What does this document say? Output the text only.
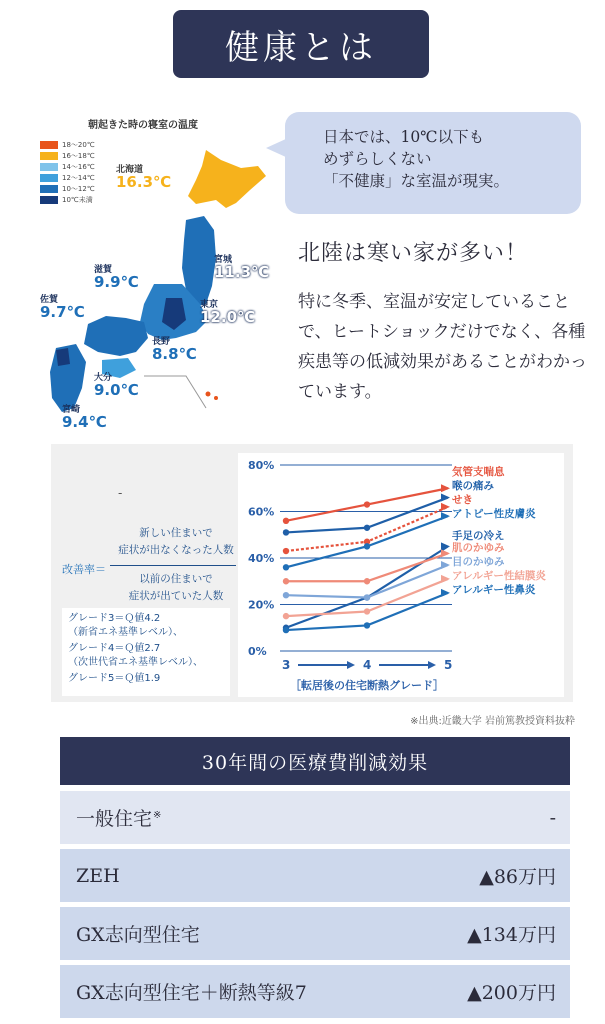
健康とは
朝起きた時の寝室の温度
18～20℃
16～18℃
14～16℃
12～14℃
10～12℃
10℃未満
北海道
16.3℃
宮城
11.3℃
東京
12.0℃
長野
8.8℃
滋賀
9.9℃
佐賀
9.7℃
大分
9.0℃
宮崎
9.4℃
日本では、10℃以下も
めずらしくない
「不健康」な室温が現実。
北陸は寒い家が多い！
特に冬季、室温が安定していることで、ヒートショックだけでなく、各種疾患等の低減効果があることがわかっています。
-
新しい住まいで
症状が出なくなった人数
改善率＝
以前の住まいで
症状が出ていた人数
グレード3＝Ｑ値4.2
（新省エネ基準レベル）、
グレード4＝Ｑ値2.7
（次世代省エネ基準レベル）、
グレード5＝Ｑ値1.9
0%
20%
40%
60%
80%
3	4	5
［転居後の住宅断熱グレード］
気管支喘息
喉の痛み
せき
アトピー性皮膚炎
手足の冷え
肌のかゆみ
目のかゆみ
アレルギー性結膜炎
アレルギー性鼻炎
※出典:近畿大学 岩前篤教授資料抜粋
30年間の医療費削減効果
一般住宅※	-
ZEH	▲86万円
GX志向型住宅	▲134万円
GX志向型住宅＋断熱等級7	▲200万円
